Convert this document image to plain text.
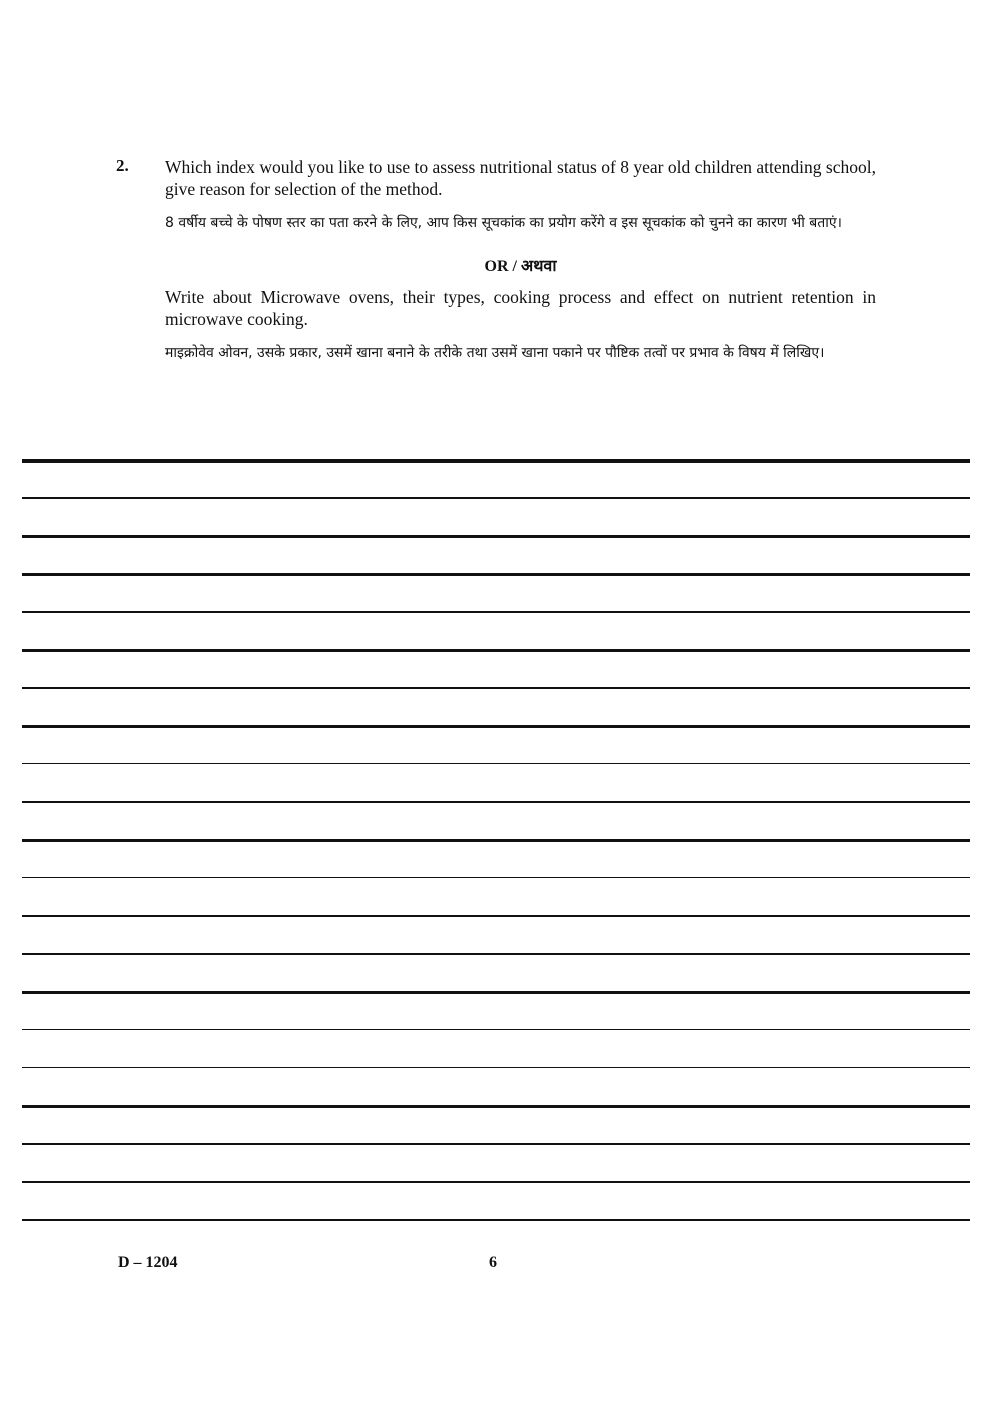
2. Which index would you like to use to assess nutritional status of 8 year old children attending school, give reason for selection of the method.

8 वर्षीय बच्चे के पोषण स्तर का पता करने के लिए, आप किस सूचकांक का प्रयोग करेंगे व इस सूचकांक को चुनने का कारण भी बताएं।

OR / अथवा

Write about Microwave ovens, their types, cooking process and effect on nutrient retention in microwave cooking.

माइक्रोवेव ओवन, उसके प्रकार, उसमें खाना बनाने के तरीके तथा उसमें खाना पकाने पर पौष्टिक तत्वों पर प्रभाव के विषय में लिखिए।

D – 1204	6
